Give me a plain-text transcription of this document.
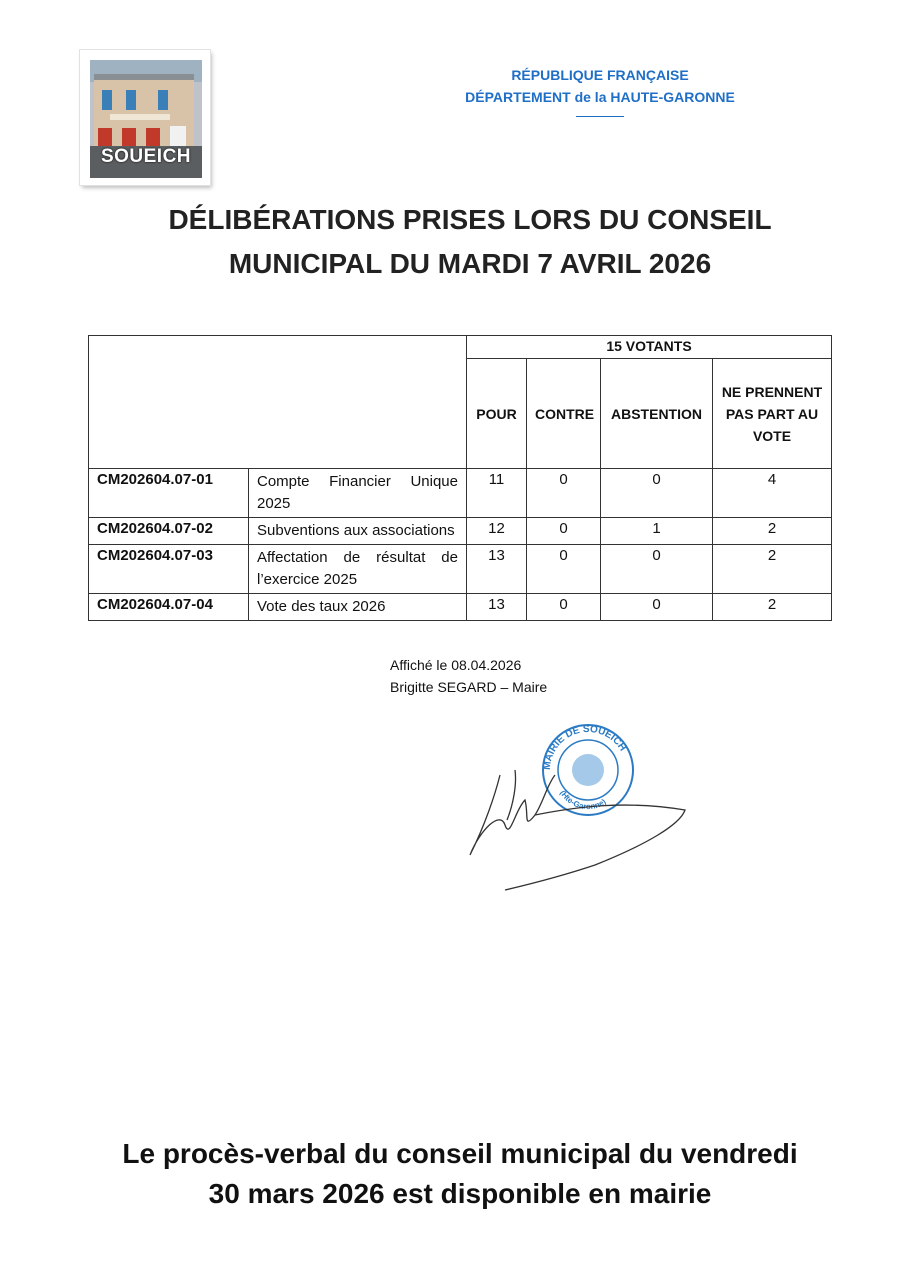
SOUEICH
RÉPUBLIQUE FRANÇAISE
DÉPARTEMENT de la HAUTE-GARONNE
DÉLIBÉRATIONS PRISES LORS DU CONSEIL
MUNICIPAL DU MARDI 7 AVRIL 2026
		15 VOTANTS			
		POUR	CONTRE	ABSTENTION	NE PRENNENT PAS PART AU VOTE
CM202604.07-01	Compte Financier Unique 2025	11	0	0	4
CM202604.07-02	Subventions aux associations	12	0	1	2
CM202604.07-03	Affectation de résultat de l’exercice 2025	13	0	0	2
CM202604.07-04	Vote des taux 2026	13	0	0	2
Affiché le 08.04.2026
Brigitte SEGARD – Maire
MAIRIE DE SOUEICH
(Hte-Garonne)
Le procès-verbal du conseil municipal du vendredi
30 mars 2026 est disponible en mairie
